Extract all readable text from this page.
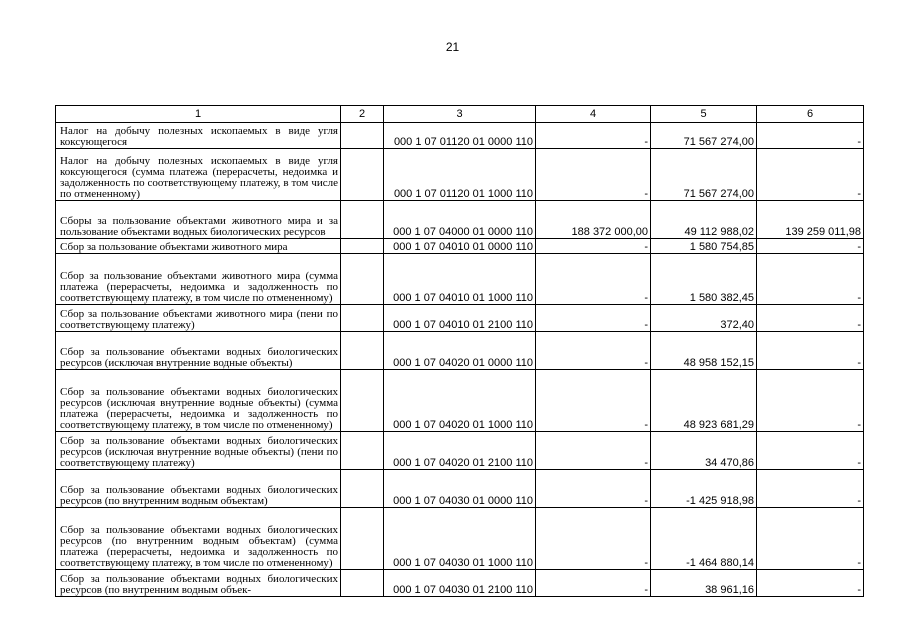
21
1	2	3	4	5	6
Налог на добычу полезных ископаемых в виде угля коксующегося		000 1 07 01120 01 0000 110	-	71 567 274,00	-
Налог на добычу полезных ископаемых в виде угля коксующегося (сумма платежа (перерасчеты, недоимка и задолженность по соответствующему платежу, в том числе по отмененному)		000 1 07 01120 01 1000 110	-	71 567 274,00	-
Сборы за пользование объектами животного мира и за пользование объектами водных биологических ресурсов		000 1 07 04000 01 0000 110	188 372 000,00	49 112 988,02	139 259 011,98
Сбор за пользование объектами животного мира		000 1 07 04010 01 0000 110	-	1 580 754,85	-
Сбор за пользование объектами животного мира (сумма платежа (перерасчеты, недоимка и задолженность по соответствующему платежу, в том числе по отмененному)		000 1 07 04010 01 1000 110	-	1 580 382,45	-
Сбор за пользование объектами животного мира (пени по соответствующему платежу)		000 1 07 04010 01 2100 110	-	372,40	-
Сбор за пользование объектами водных биологических ресурсов (исключая внутренние водные объекты)		000 1 07 04020 01 0000 110	-	48 958 152,15	-
Сбор за пользование объектами водных биологических ресурсов (исключая внутренние водные объекты) (сумма платежа (перерасчеты, недоимка и задолженность по соответствующему платежу, в том числе по отмененному)		000 1 07 04020 01 1000 110	-	48 923 681,29	-
Сбор за пользование объектами водных биологических ресурсов (исключая внутренние водные объекты) (пени по соответствующему платежу)		000 1 07 04020 01 2100 110	-	34 470,86	-
Сбор за пользование объектами водных биологических ресурсов (по внутренним водным объектам)		000 1 07 04030 01 0000 110	-	-1 425 918,98	-
Сбор за пользование объектами водных биологических ресурсов (по внутренним водным объектам) (сумма платежа (перерасчеты, недоимка и задолженность по соответствующему платежу, в том числе по отмененному)		000 1 07 04030 01 1000 110	-	-1 464 880,14	-
Сбор за пользование объектами водных биологических ресурсов (по внутренним водным объек-		000 1 07 04030 01 2100 110	-	38 961,16	-
